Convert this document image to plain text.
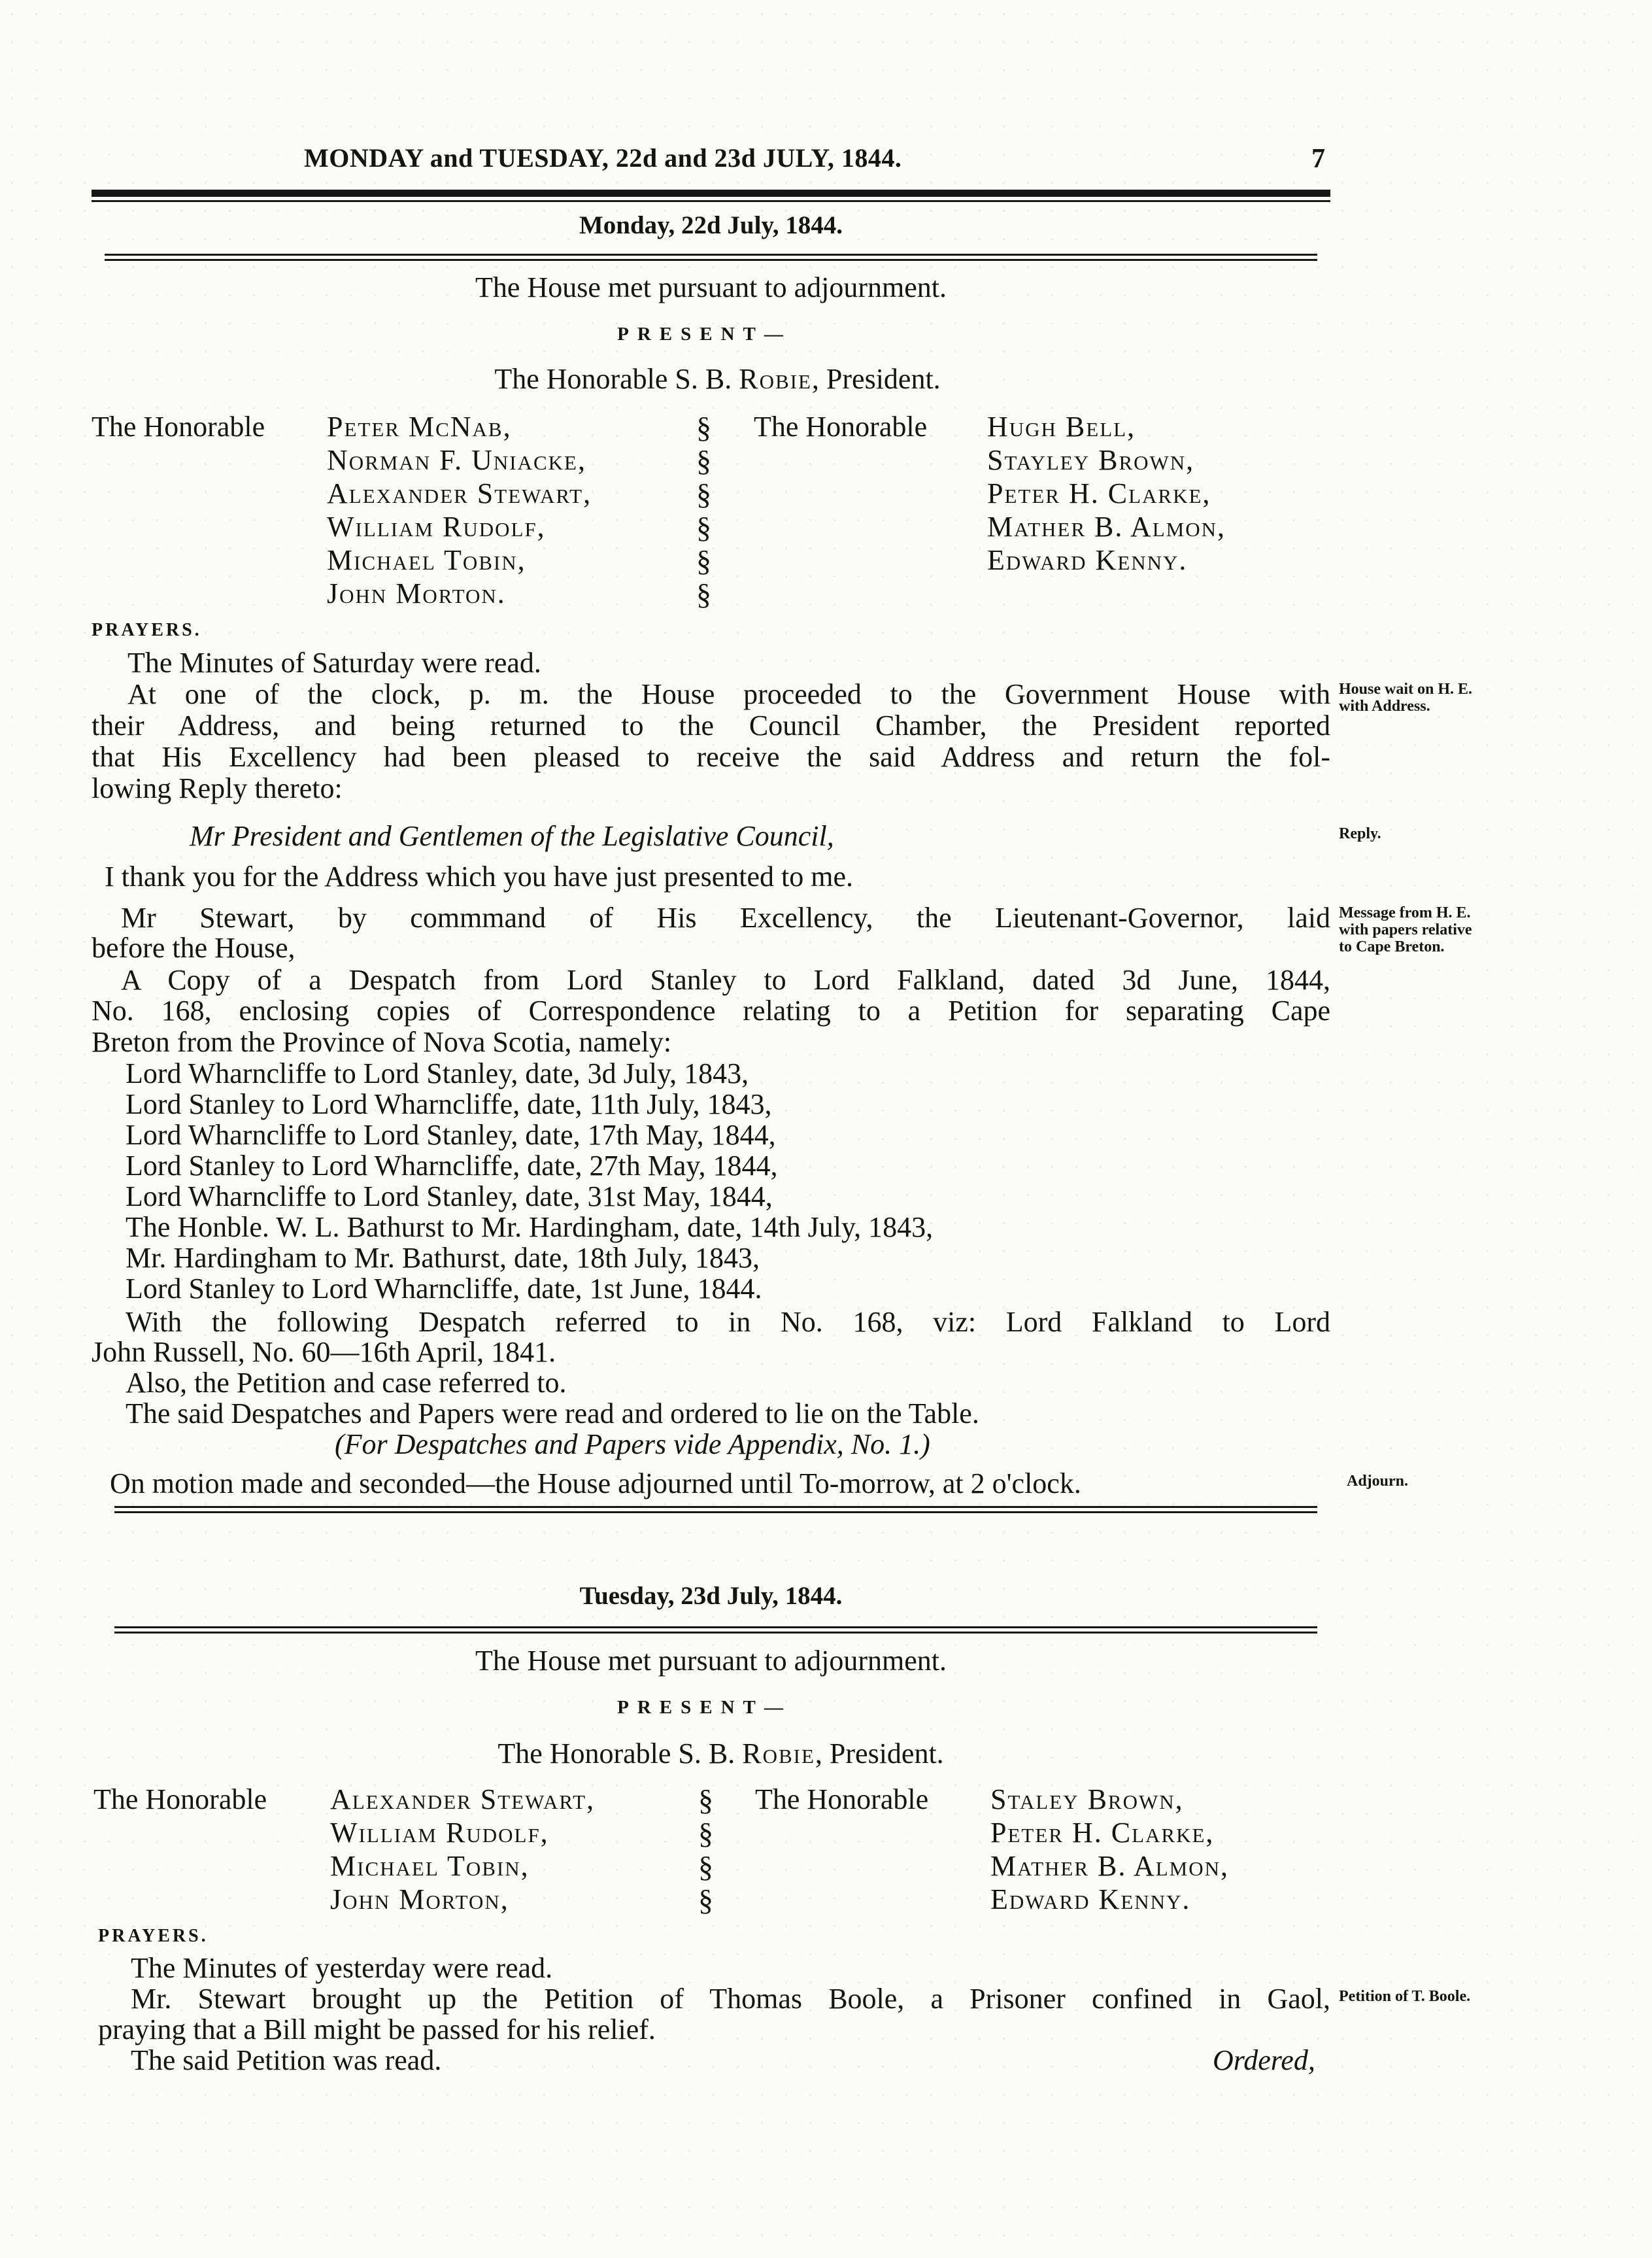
MONDAY and TUESDAY, 22d and 23d JULY, 1844.	7
Monday, 22d July, 1844.
The House met pursuant to adjournment.
PRESENT—
The Honorable S. B. Robie, President.
The Honorable Peter McNab,
Norman F. Uniacke,
Alexander Stewart,
William Rudolf,
Michael Tobin,
John Morton.
§
§
§
§
§
§
The Honorable Hugh Bell,
Stayley Brown,
Peter H. Clarke,
Mather B. Almon,
Edward Kenny.
PRAYERS.
The Minutes of Saturday were read.
At one of the clock, p. m. the House proceeded to the Government House with
their Address, and being returned to the Council Chamber, the President reported
that His Excellency had been pleased to receive the said Address and return the fol-
lowing Reply thereto:
Mr President and Gentlemen of the Legislative Council,
I thank you for the Address which you have just presented to me.
Mr Stewart, by commmand of His Excellency, the Lieutenant-Governor, laid
before the House,
A Copy of a Despatch from Lord Stanley to Lord Falkland, dated 3d June, 1844,
No. 168, enclosing copies of Correspondence relating to a Petition for separating Cape
Breton from the Province of Nova Scotia, namely:
Lord Wharncliffe to Lord Stanley, date, 3d July, 1843,
Lord Stanley to Lord Wharncliffe, date, 11th July, 1843,
Lord Wharncliffe to Lord Stanley, date, 17th May, 1844,
Lord Stanley to Lord Wharncliffe, date, 27th May, 1844,
Lord Wharncliffe to Lord Stanley, date, 31st May, 1844,
The Honble. W. L. Bathurst to Mr. Hardingham, date, 14th July, 1843,
Mr. Hardingham to Mr. Bathurst, date, 18th July, 1843,
Lord Stanley to Lord Wharncliffe, date, 1st June, 1844.
With the following Despatch referred to in No. 168, viz: Lord Falkland to Lord
John Russell, No. 60—16th April, 1841.
Also, the Petition and case referred to.
The said Despatches and Papers were read and ordered to lie on the Table.
(For Despatches and Papers vide Appendix, No. 1.)
On motion made and seconded—the House adjourned until To-morrow, at 2 o'clock.
House wait on H. E.
with Address.
Reply.
Message from H. E.
with papers relative
to Cape Breton.
Adjourn.
Tuesday, 23d July, 1844.
The House met pursuant to adjournment.
PRESENT—
The Honorable S. B. Robie, President.
The Honorable Alexander Stewart,
William Rudolf,
Michael Tobin,
John Morton,
§
§
§
§
The Honorable Staley Brown,
Peter H. Clarke,
Mather B. Almon,
Edward Kenny.
PRAYERS.
The Minutes of yesterday were read.
Mr. Stewart brought up the Petition of Thomas Boole, a Prisoner confined in Gaol,
praying that a Bill might be passed for his relief.
The said Petition was read.	Ordered,
Petition of T. Boole.
